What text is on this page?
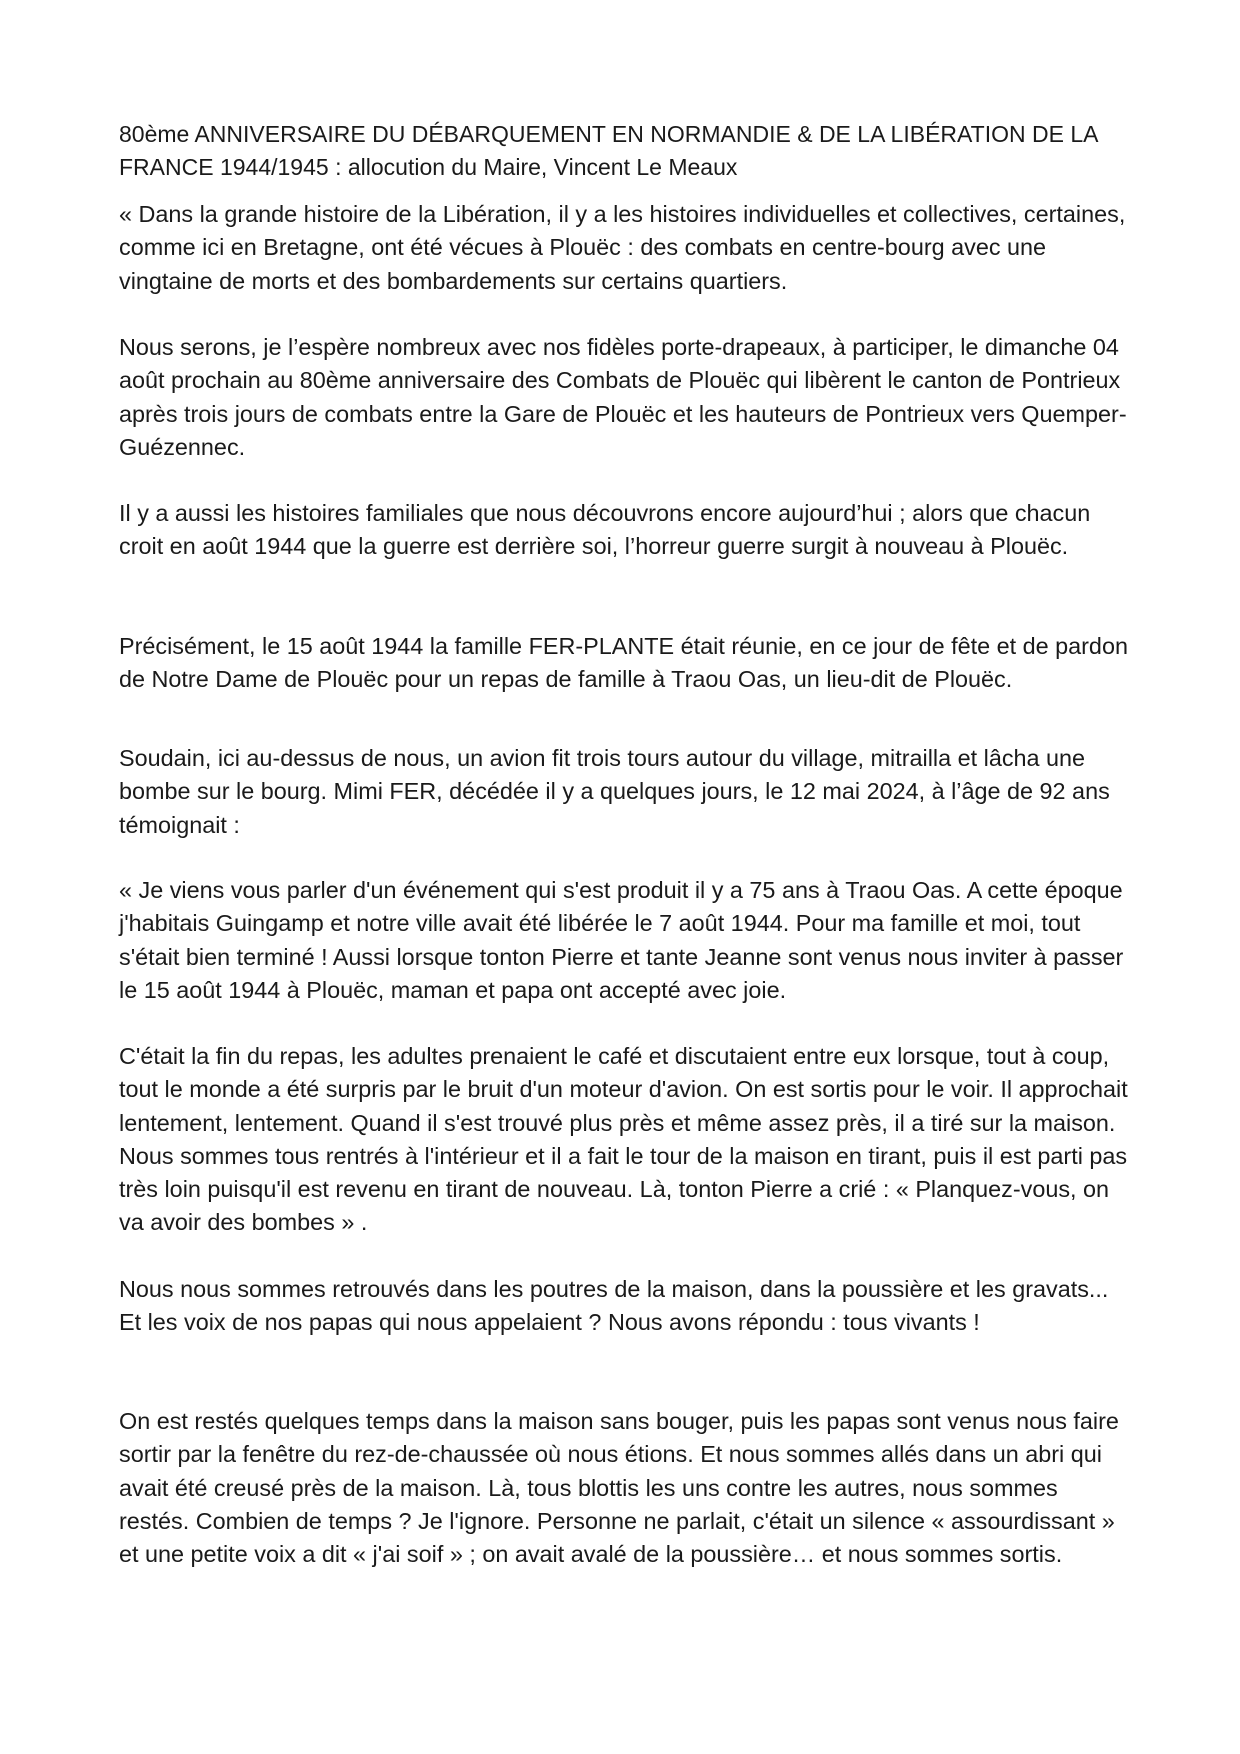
80ème ANNIVERSAIRE DU DÉBARQUEMENT EN NORMANDIE & DE LA LIBÉRATION DE LA FRANCE 1944/1945 : allocution du Maire, Vincent Le Meaux

« Dans la grande histoire de la Libération, il y a les histoires individuelles et collectives, certaines, comme ici en Bretagne, ont été vécues à Plouëc : des combats en centre-bourg avec une vingtaine de morts et des bombardements sur certains quartiers.

Nous serons, je l’espère nombreux avec nos fidèles porte-drapeaux, à participer, le dimanche 04 août prochain au 80ème anniversaire des Combats de Plouëc qui libèrent le canton de Pontrieux après trois jours de combats entre la Gare de Plouëc et les hauteurs de Pontrieux vers Quemper-Guézennec.

Il y a aussi les histoires familiales que nous découvrons encore aujourd’hui ; alors que chacun croit en août 1944 que la guerre est derrière soi, l’horreur guerre surgit à nouveau à Plouëc.

Précisément, le 15 août 1944 la famille FER-PLANTE était réunie, en ce jour de fête et de pardon de Notre Dame de Plouëc pour un repas de famille à Traou Oas, un lieu-dit de Plouëc.

Soudain, ici au-dessus de nous, un avion fit trois tours autour du village, mitrailla et lâcha une bombe sur le bourg. Mimi FER, décédée il y a quelques jours, le 12 mai 2024, à l’âge de 92 ans témoignait :

« Je viens vous parler d'un événement qui s'est produit il y a 75 ans à Traou Oas. A cette époque j'habitais Guingamp et notre ville avait été libérée le 7 août 1944. Pour ma famille et moi, tout s'était bien terminé ! Aussi lorsque tonton Pierre et tante Jeanne sont venus nous inviter à passer le 15 août 1944 à Plouëc, maman et papa ont accepté avec joie.

C'était la fin du repas, les adultes prenaient le café et discutaient entre eux lorsque, tout à coup, tout le monde a été surpris par le bruit d'un moteur d'avion. On est sortis pour le voir. Il approchait lentement, lentement. Quand il s'est trouvé plus près et même assez près, il a tiré sur la maison. Nous sommes tous rentrés à l'intérieur et il a fait le tour de la maison en tirant, puis il est parti pas très loin puisqu'il est revenu en tirant de nouveau. Là, tonton Pierre a crié : « Planquez-vous, on va avoir des bombes » .

Nous nous sommes retrouvés dans les poutres de la maison, dans la poussière et les gravats... Et les voix de nos papas qui nous appelaient ? Nous avons répondu : tous vivants !

On est restés quelques temps dans la maison sans bouger, puis les papas sont venus nous faire sortir par la fenêtre du rez-de-chaussée où nous étions. Et nous sommes allés dans un abri qui avait été creusé près de la maison. Là, tous blottis les uns contre les autres, nous sommes restés. Combien de temps ? Je l'ignore. Personne ne parlait, c'était un silence « assourdissant » et une petite voix a dit « j'ai soif » ; on avait avalé de la poussière… et nous sommes sortis.
